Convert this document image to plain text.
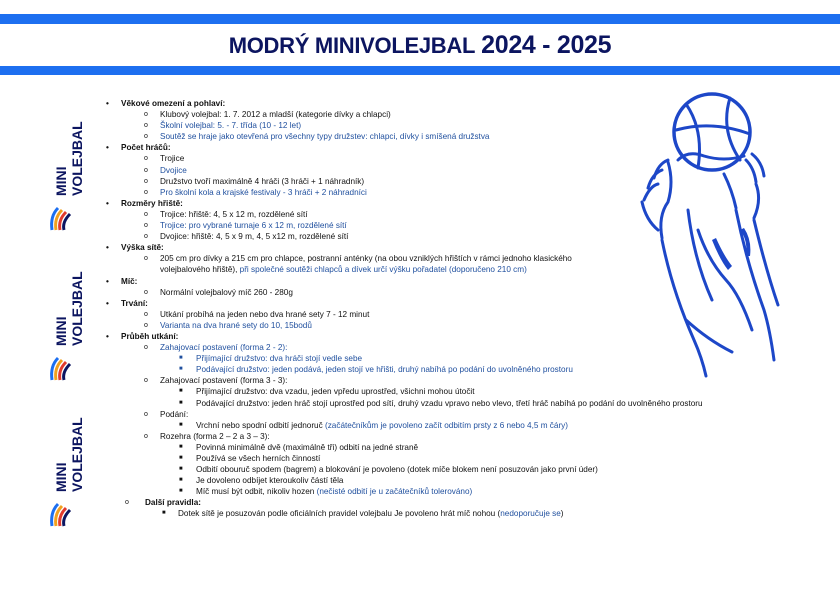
MODRÝ MINIVOLEJBAL 2024 - 2025
MINI VOLEJBAL
MINI VOLEJBAL
MINI VOLEJBAL
• Věkové omezení a pohlaví:
o Klubový volejbal: 1. 7. 2012 a mladší (kategorie dívky a chlapci)
o Školní volejbal: 5. - 7. třída (10 - 12 let)
o Soutěž se hraje jako otevřená pro všechny typy družstev: chlapci, dívky i smíšená družstva
• Počet hráčů:
o Trojice
o Dvojice
o Družstvo tvoří maximálně 4 hráči (3 hráči + 1 náhradník)
o Pro školní kola a krajské festivaly - 3 hráči + 2 náhradníci
• Rozměry hřiště:
o Trojice: hřiště: 4, 5 x 12 m, rozdělené sítí
o Trojice: pro vybrané turnaje 6 x 12 m, rozdělené sítí
o Dvojice: hřiště: 4, 5 x 9 m, 4, 5 x12 m, rozdělené sítí
• Výška sítě:
o 205 cm pro dívky a 215 cm pro chlapce, postranní anténky (na obou vzniklých hřištích v rámci jednoho klasického
volejbalového hřiště), při společné soutěži chlapců a dívek určí výšku pořadatel (doporučeno 210 cm)
• Míč:
o Normální volejbalový míč 260 - 280g
• Trvání:
o Utkání probíhá na jeden nebo dva hrané sety 7 - 12 minut
o Varianta na dva hrané sety do 10, 15bodů
• Průběh utkání:
o Zahajovací postavení (forma 2 - 2):
■ Přijímající družstvo: dva hráči stojí vedle sebe
■ Podávající družstvo: jeden podává, jeden stojí ve hřišti, druhý nabíhá po podání do uvolněného prostoru
o Zahajovací postavení (forma 3 - 3):
■ Přijímající družstvo: dva vzadu, jeden vpředu uprostřed, všichni mohou útočit
■ Podávající družstvo: jeden hráč stojí uprostřed pod sítí, druhý vzadu vpravo nebo vlevo, třetí hráč nabíhá po podání do uvolněného prostoru
o Podání:
■ Vrchní nebo spodní odbití jednoruč (začátečníkům je povoleno začít odbitím prsty z 6 nebo 4,5 m čáry)
o Rozehra (forma 2 – 2 a 3 – 3):
■ Povinná minimálně dvě (maximálně tři) odbití na jedné straně
■ Používá se všech herních činností
■ Odbití obouruč spodem (bagrem) a blokování je povoleno (dotek míče blokem není posuzován jako první úder)
■ Je dovoleno odbíjet kteroukoliv částí těla
■ Míč musí být odbit, nikoliv hozen (nečisté odbití je u začátečníků tolerováno)
o Další pravidla:
■ Dotek sítě je posuzován podle oficiálních pravidel volejbalu Je povoleno hrát míč nohou (nedoporučuje se)
